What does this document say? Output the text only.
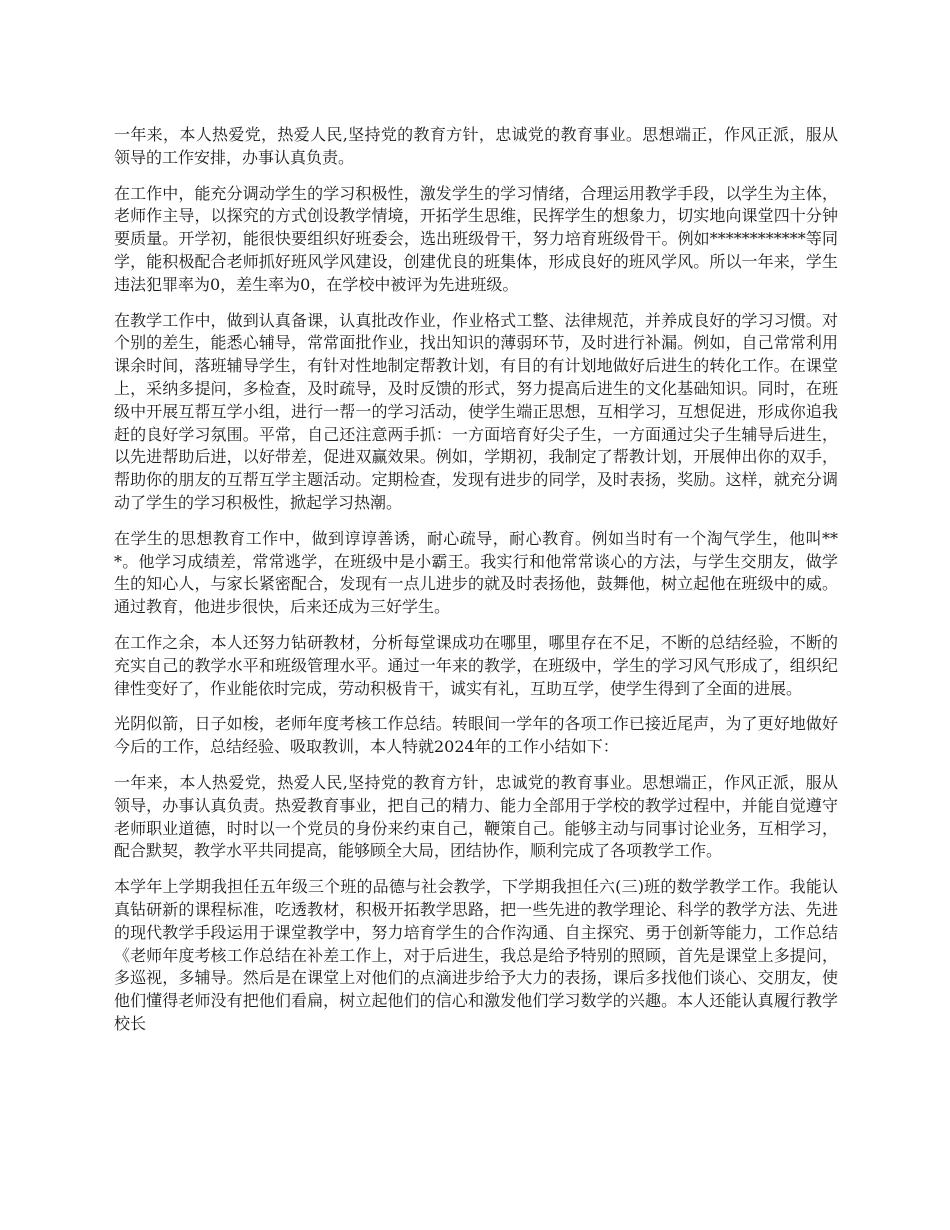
一年来，本人热爱党，热爱人民,坚持党的教育方针，忠诚党的教育事业。思想端正，作风正派，服从领导的工作安排，办事认真负责。

在工作中，能充分调动学生的学习积极性，激发学生的学习情绪，合理运用教学手段，以学生为主体，老师作主导，以探究的方式创设教学情境，开拓学生思维，民挥学生的想象力，切实地向课堂四十分钟要质量。开学初，能很快要组织好班委会，选出班级骨干，努力培育班级骨干。例如************等同学，能积极配合老师抓好班风学风建设，创建优良的班集体，形成良好的班风学风。所以一年来，学生违法犯罪率为0，差生率为0，在学校中被评为先进班级。

在教学工作中，做到认真备课，认真批改作业，作业格式工整、法律规范，并养成良好的学习习惯。对个别的差生，能悉心辅导，常常面批作业，找出知识的薄弱环节，及时进行补漏。例如，自己常常利用课余时间，落班辅导学生，有针对性地制定帮教计划，有目的有计划地做好后进生的转化工作。在课堂上，采纳多提问，多检查，及时疏导，及时反馈的形式，努力提高后进生的文化基础知识。同时，在班级中开展互帮互学小组，进行一帮一的学习活动，使学生端正思想，互相学习，互想促进，形成你追我赶的良好学习氛围。平常，自己还注意两手抓：一方面培育好尖子生，一方面通过尖子生辅导后进生，以先进帮助后进，以好带差，促进双赢效果。例如，学期初，我制定了帮教计划，开展伸出你的双手，帮助你的朋友的互帮互学主题活动。定期检查，发现有进步的同学，及时表扬，奖励。这样，就充分调动了学生的学习积极性，掀起学习热潮。

在学生的思想教育工作中，做到谆谆善诱，耐心疏导，耐心教育。例如当时有一个淘气学生，他叫***。他学习成绩差，常常逃学，在班级中是小霸王。我实行和他常常谈心的方法，与学生交朋友，做学生的知心人，与家长紧密配合，发现有一点儿进步的就及时表扬他，鼓舞他，树立起他在班级中的威。通过教育，他进步很快，后来还成为三好学生。

在工作之余，本人还努力钻研教材，分析每堂课成功在哪里，哪里存在不足，不断的总结经验，不断的充实自己的教学水平和班级管理水平。通过一年来的教学，在班级中，学生的学习风气形成了，组织纪律性变好了，作业能依时完成，劳动积极肯干，诚实有礼，互助互学，使学生得到了全面的进展。

光阴似箭，日子如梭，老师年度考核工作总结。转眼间一学年的各项工作已接近尾声，为了更好地做好今后的工作，总结经验、吸取教训，本人特就2024年的工作小结如下：

一年来，本人热爱党，热爱人民,坚持党的教育方针，忠诚党的教育事业。思想端正，作风正派，服从领导，办事认真负责。热爱教育事业，把自己的精力、能力全部用于学校的教学过程中，并能自觉遵守老师职业道德，时时以一个党员的身份来约束自己，鞭策自己。能够主动与同事讨论业务，互相学习，配合默契，教学水平共同提高，能够顾全大局，团结协作，顺利完成了各项教学工作。

本学年上学期我担任五年级三个班的品德与社会教学，下学期我担任六(三)班的数学教学工作。我能认真钻研新的课程标准，吃透教材，积极开拓教学思路，把一些先进的教学理论、科学的教学方法、先进的现代教学手段运用于课堂教学中，努力培育学生的合作沟通、自主探究、勇于创新等能力，工作总结《老师年度考核工作总结在补差工作上，对于后进生，我总是给予特别的照顾，首先是课堂上多提问，多巡视，多辅导。然后是在课堂上对他们的点滴进步给予大力的表扬，课后多找他们谈心、交朋友，使他们懂得老师没有把他们看扁，树立起他们的信心和激发他们学习数学的兴趣。本人还能认真履行教学校长
